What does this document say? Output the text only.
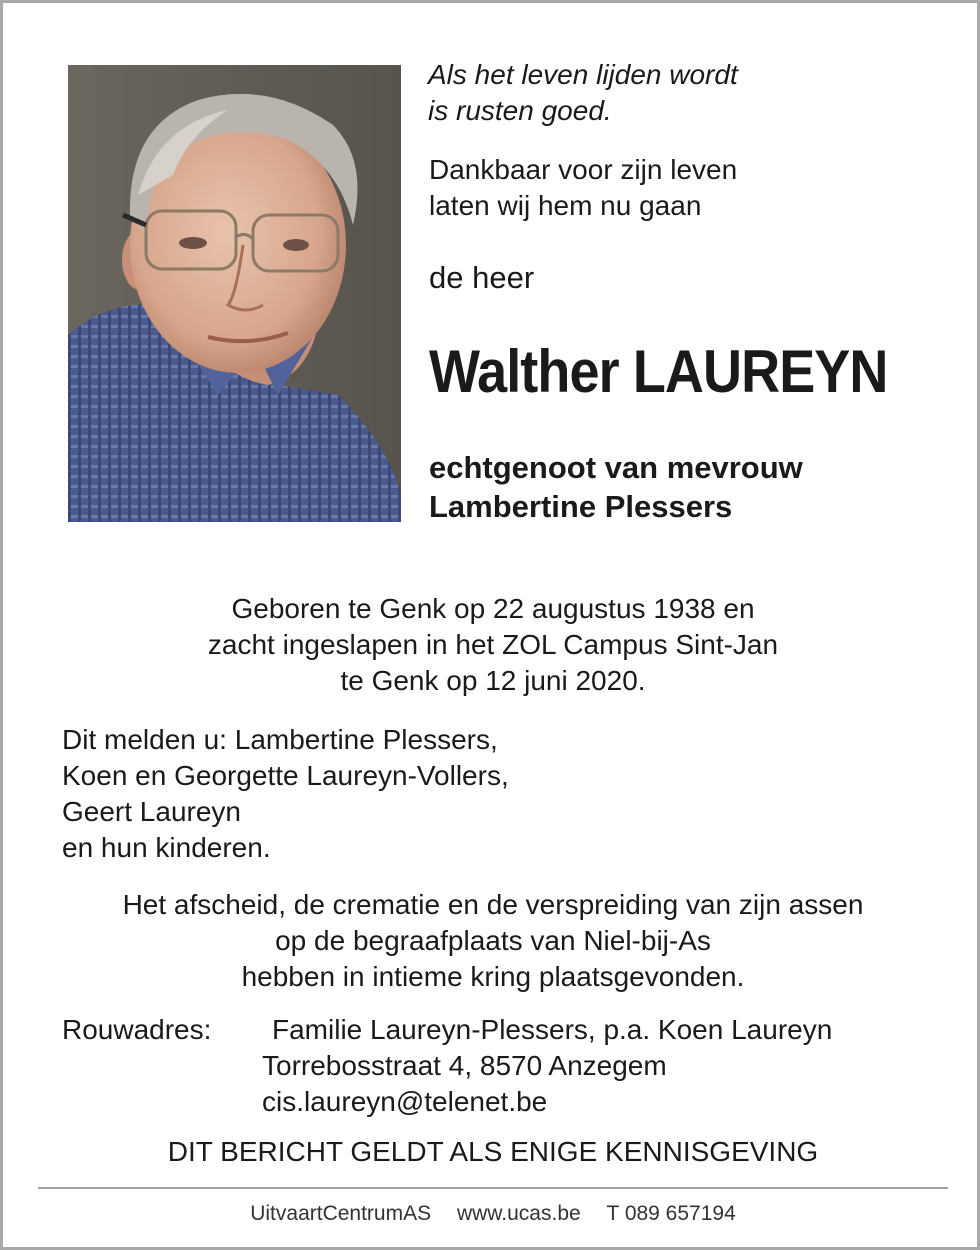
Als het leven lijden wordt
is rusten goed.
Dankbaar voor zijn leven
laten wij hem nu gaan
de heer
Walther LAUREYN
echtgenoot van mevrouw
Lambertine Plessers
Geboren te Genk op 22 augustus 1938 en
zacht ingeslapen in het ZOL Campus Sint-Jan
te Genk op 12 juni 2020.
Dit melden u: Lambertine Plessers,
Koen en Georgette Laureyn-Vollers,
Geert Laureyn
en hun kinderen.
Het afscheid, de crematie en de verspreiding van zijn assen
op de begraafplaats van Niel-bij-As
hebben in intieme kring plaatsgevonden.
Rouwadres:	Familie Laureyn-Plessers, p.a. Koen Laureyn
Torrebosstraat 4, 8570 Anzegem
cis.laureyn@telenet.be
DIT BERICHT GELDT ALS ENIGE KENNISGEVING
UitvaartCentrumAS www.ucas.be T 089 657194
